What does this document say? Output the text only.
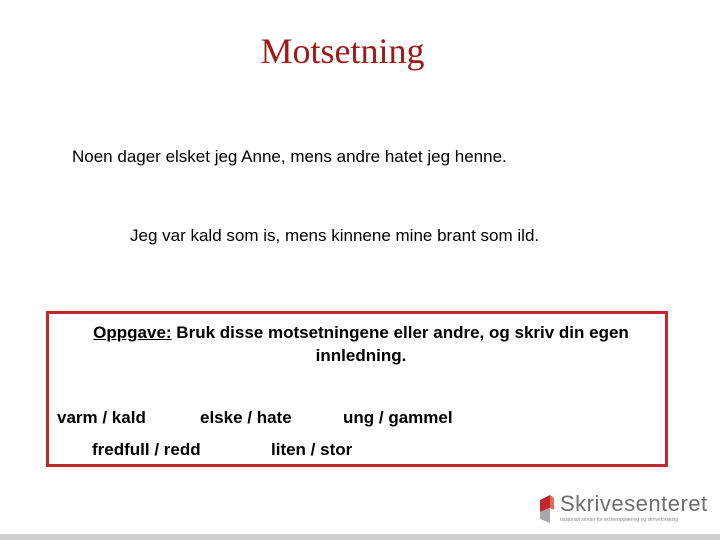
Motsetning
Noen dager elsket jeg Anne, mens andre hatet jeg henne.
Jeg var kald som is, mens kinnene mine brant som ild.
Oppgave: Bruk disse motsetningene eller andre, og skriv din egen innledning.
varm / kald	elske / hate	ung / gammel
fredfull / redd	liten / stor
Skrivesenteret
nasjonalt senter for skriveopplæring og skriveforsking
